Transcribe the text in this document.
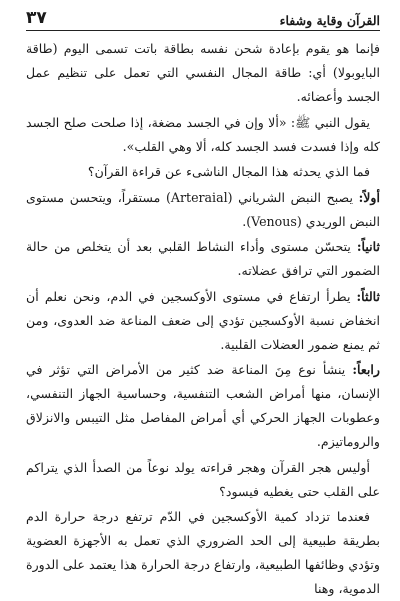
القرآن وقاية وشفاء
٣٧

فإنما هو يقوم بإعادة شحن نفسه بطاقة باتت تسمى اليوم (طاقة البايوبولا) أي: طاقة المجال النفسي التي تعمل على تنظيم عمل الجسد وأعضائه.

يقول النبي ﷺ: «ألا وإن في الجسد مضغة، إذا صلحت صلح الجسد كله وإذا فسدت فسد الجسد كله، ألا وهي القلب».

فما الذي يحدثه هذا المجال الناشىء عن قراءة القرآن؟

أولاً: يصبح النبض الشرياني (Arteraial) مستقراً، ويتحسن مستوى النبض الوريدي (Venous).

ثانياً: يتحسّن مستوى وأداء النشاط القلبي بعد أن يتخلص من حالة الضمور التي ترافق عضلاته.

ثالثاً: يطرأ ارتفاع في مستوى الأوكسجين في الدم، ونحن نعلم أن انخفاض نسبة الأوكسجين تؤدي إلى ضعف المناعة ضد العدوى، ومن ثم يمنع ضمور العضلات القلبية.

رابعاً: ينشأ نوع مِنَ المناعة ضد كثير من الأمراض التي تؤثر في الإنسان، منها أمراض الشعب التنفسية، وحساسية الجهاز التنفسي، وعطوبات الجهاز الحركي أي أمراض المفاصل مثل التيبس والانزلاق والروماتيزم.

أوليس هجر القرآن وهجر قراءته يولد نوعاً من الصدأ الذي يتراكم على القلب حتى يغطيه فيسود؟

فعندما تزداد كمية الأوكسجين في الدّم ترتفع درجة حرارة الدم بطريقة طبيعية إلى الحد الضروري الذي تعمل به الأجهزة العضوية وتؤدي وظائفها الطبيعية، وارتفاع درجة الحرارة هذا يعتمد على الدورة الدموية، وهنا
